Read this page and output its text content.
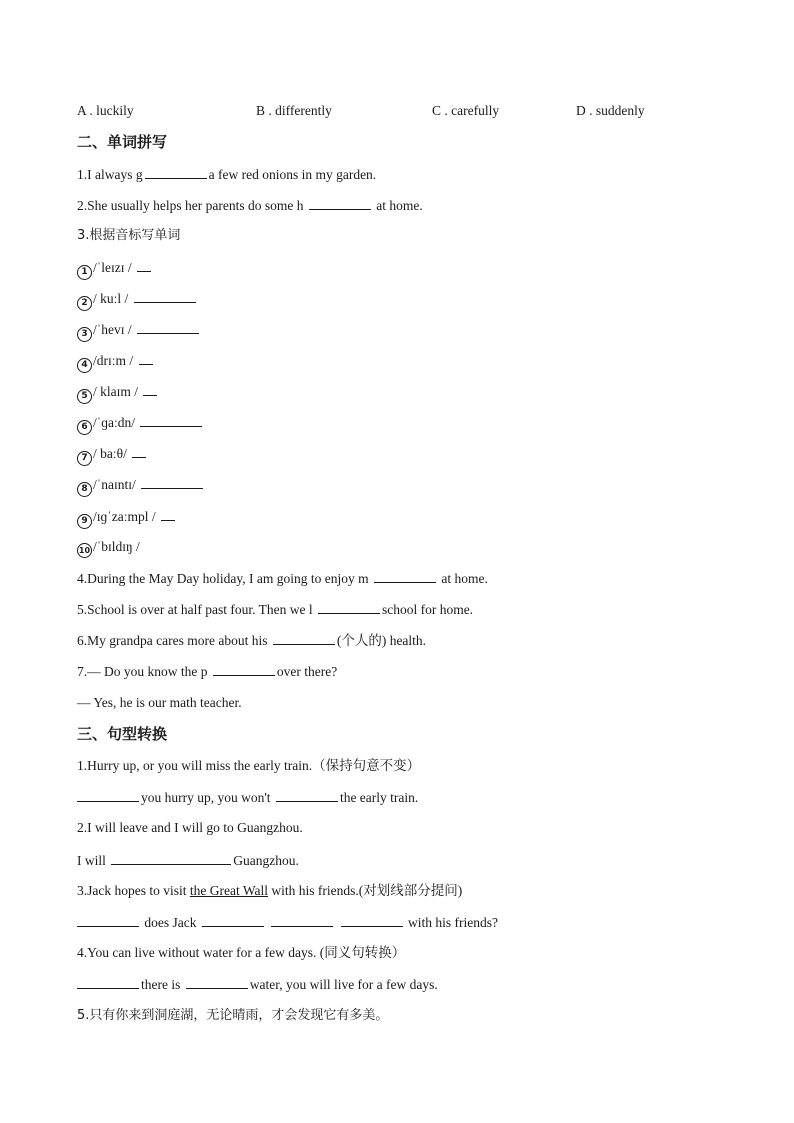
A . luckily	B . differently	C . carefully	D . suddenly
二、单词拼写
1.I always g	a few red onions in my garden.
2.She usually helps her parents do some h	at home.
3.根据音标写单词
1 /ˈleɪzɪ /
2 / kuːl /
3 /ˈhevɪ /
4 /drɪːm /
5 / klaɪm /
6 /ˈɡaːdn/
7 / baːθ/
8 /ˈnaɪntɪ/
9 /ɪɡˈzaːmpl /
10 /ˈbɪldɪŋ /
4.During the May Day holiday, I am going to enjoy m	at home.
5.School is over at half past four. Then we l	school for home.
6.My grandpa cares more about his	(个人的) health.
7.— Do you know the p	over there?
— Yes, he is our math teacher.
三、句型转换
1.Hurry up, or you will miss the early train.（保持句意不变）
you hurry up, you won't	the early train.
2.I will leave and I will go to Guangzhou.
I will	Guangzhou.
3.Jack hopes to visit the Great Wall with his friends.(对划线部分提问)
does Jack	with his friends?
4.You can live without water for a few days. (同义句转换）
there is	water, you will live for a few days.
5.只有你来到洞庭湖，无论晴雨，才会发现它有多美。
